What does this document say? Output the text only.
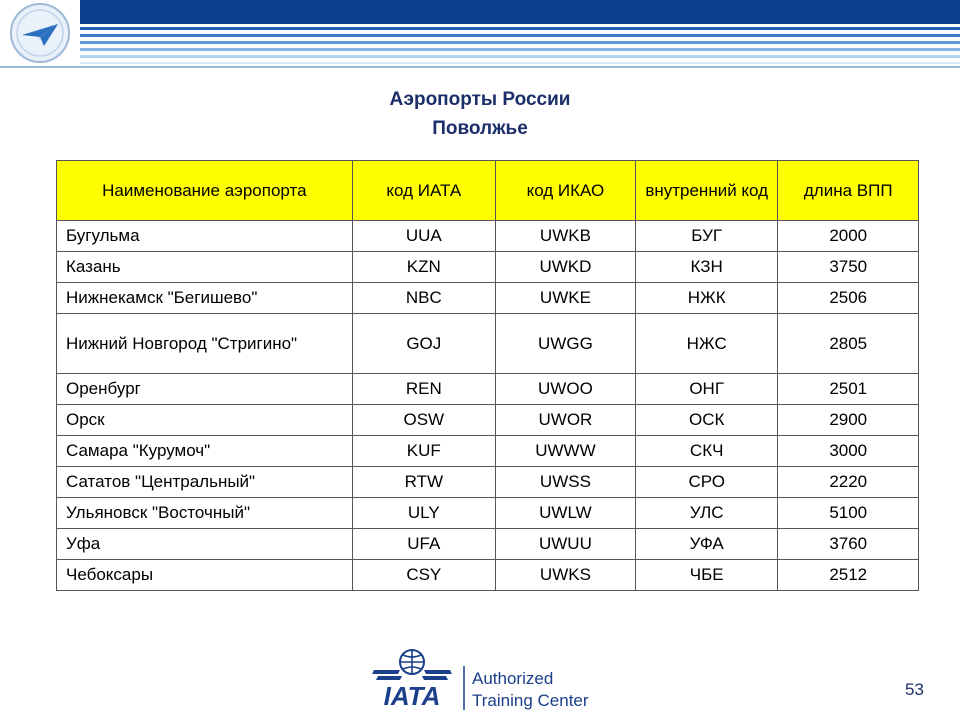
Аэропорты России
Поволжье
Наименование аэропорта	код ИАТА	код ИКАО	внутренний код	длина ВПП
Бугульма	UUA	UWKB	БУГ	2000
Казань	KZN	UWKD	КЗН	3750
Нижнекамск "Бегишево"	NBC	UWKE	НЖК	2506
Нижний Новгород "Стригино"	GOJ	UWGG	НЖС	2805
Оренбург	REN	UWOO	ОНГ	2501
Орск	OSW	UWOR	ОСК	2900
Самара "Курумоч"	KUF	UWWW	СКЧ	3000
Сататов "Центральный"	RTW	UWSS	СРО	2220
Ульяновск "Восточный"	ULY	UWLW	УЛС	5100
Уфа	UFA	UWUU	УФА	3760
Чебоксары	CSY	UWKS	ЧБЕ	2512
IATA
Authorized
Training Center
53
